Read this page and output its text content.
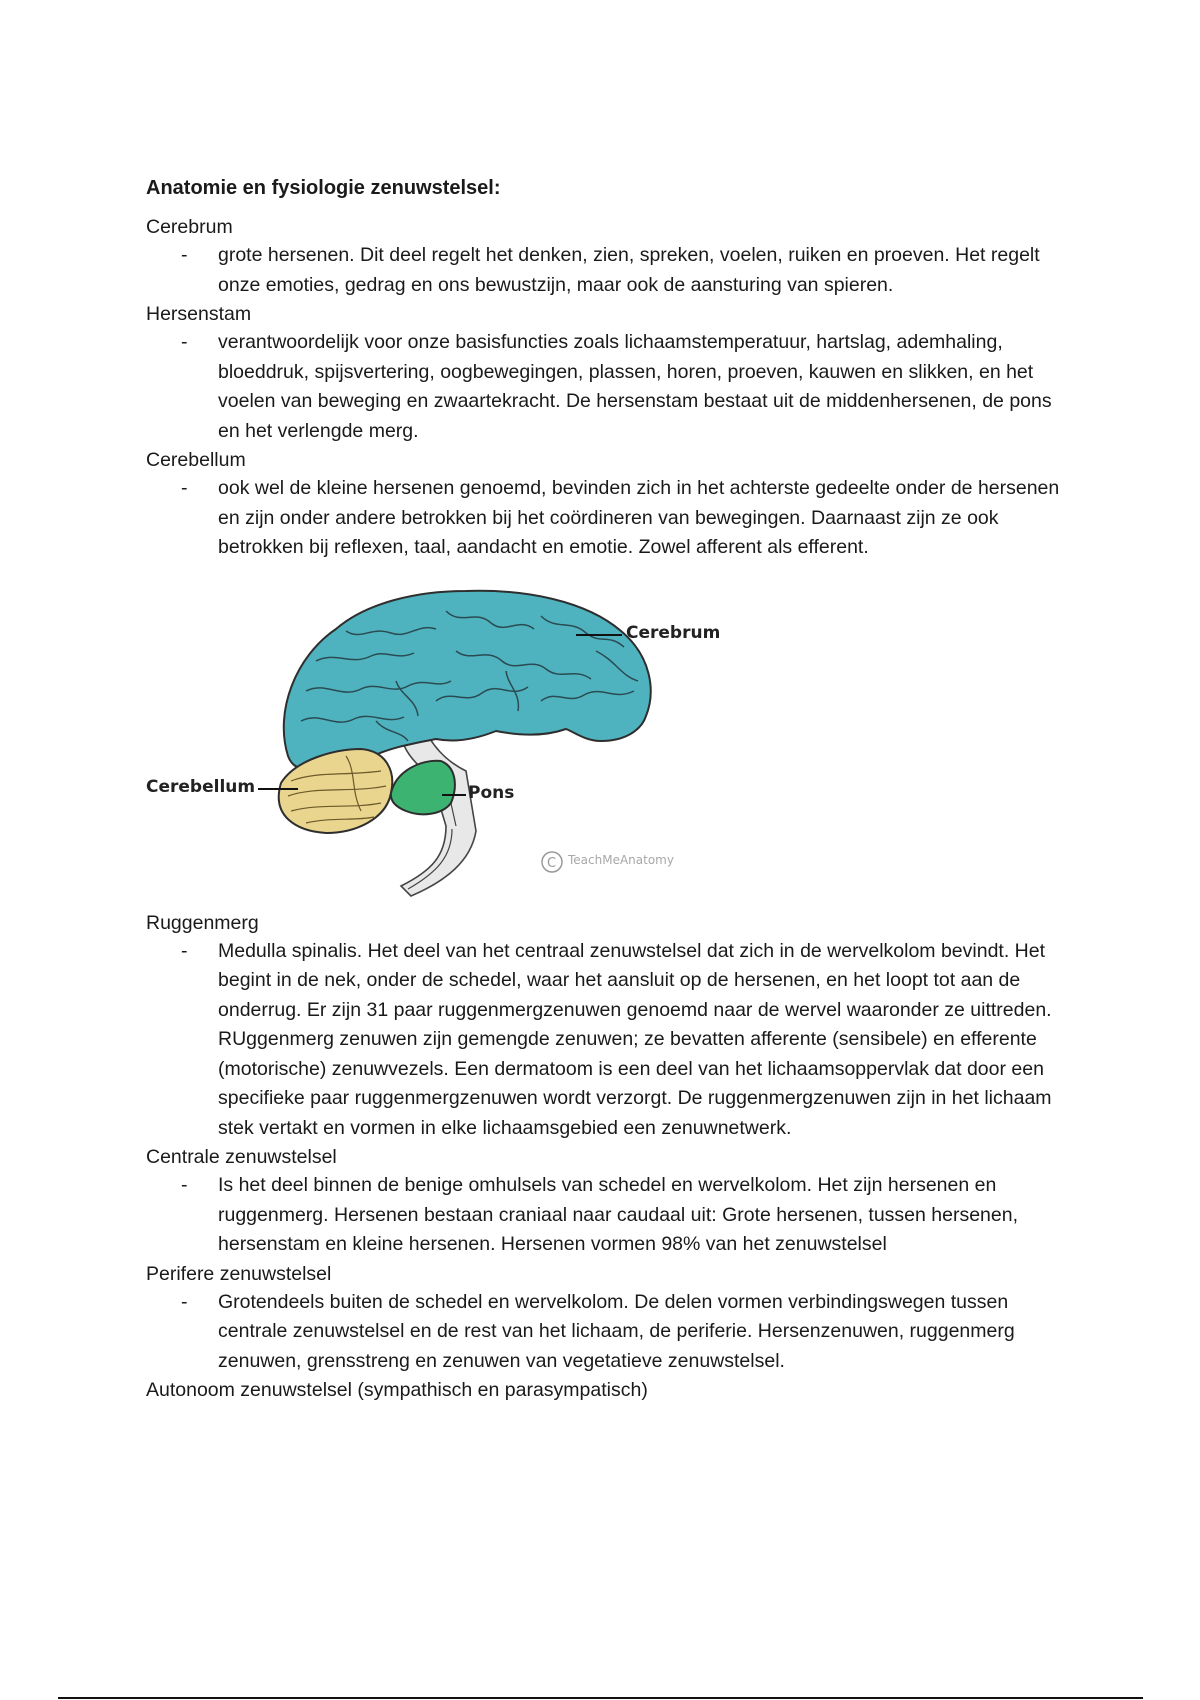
Anatomie en fysiologie zenuwstelsel:

Cerebrum

- grote hersenen. Dit deel regelt het denken, zien, spreken, voelen, ruiken en proeven. Het regelt onze emoties, gedrag en ons bewustzijn, maar ook de aansturing van spieren.

Hersenstam

- verantwoordelijk voor onze basisfuncties zoals lichaamstemperatuur, hartslag, ademhaling, bloeddruk, spijsvertering, oogbewegingen, plassen, horen, proeven, kauwen en slikken, en het voelen van beweging en zwaartekracht. De hersenstam bestaat uit de middenhersenen, de pons en het verlengde merg.

Cerebellum

- ook wel de kleine hersenen genoemd, bevinden zich in het achterste gedeelte onder de hersenen en zijn onder andere betrokken bij het coördineren van bewegingen. Daarnaast zijn ze ook betrokken bij reflexen, taal, aandacht en emotie. Zowel afferent als efferent.
C
Cerebrum
Cerebellum	Pons
TeachMeAnatomy

Ruggenmerg

- Medulla spinalis. Het deel van het centraal zenuwstelsel dat zich in de wervelkolom bevindt. Het begint in de nek, onder de schedel, waar het aansluit op de hersenen, en het loopt tot aan de onderrug. Er zijn 31 paar ruggenmergzenuwen genoemd naar de wervel waaronder ze uittreden. RUggenmerg zenuwen zijn gemengde zenuwen; ze bevatten afferente (sensibele) en efferente (motorische) zenuwvezels. Een dermatoom is een deel van het lichaamsoppervlak dat door een specifieke paar ruggenmergzenuwen wordt verzorgt. De ruggenmergzenuwen zijn in het lichaam stek vertakt en vormen in elke lichaamsgebied een zenuwnetwerk.

Centrale zenuwstelsel

- Is het deel binnen de benige omhulsels van schedel en wervelkolom. Het zijn hersenen en ruggenmerg. Hersenen bestaan craniaal naar caudaal uit: Grote hersenen, tussen hersenen, hersenstam en kleine hersenen. Hersenen vormen 98% van het zenuwstelsel

Perifere zenuwstelsel

- Grotendeels buiten de schedel en wervelkolom. De delen vormen verbindingswegen tussen centrale zenuwstelsel en de rest van het lichaam, de periferie. Hersenzenuwen, ruggenmerg zenuwen, grensstreng en zenuwen van vegetatieve zenuwstelsel.

Autonoom zenuwstelsel (sympathisch en parasympatisch)
